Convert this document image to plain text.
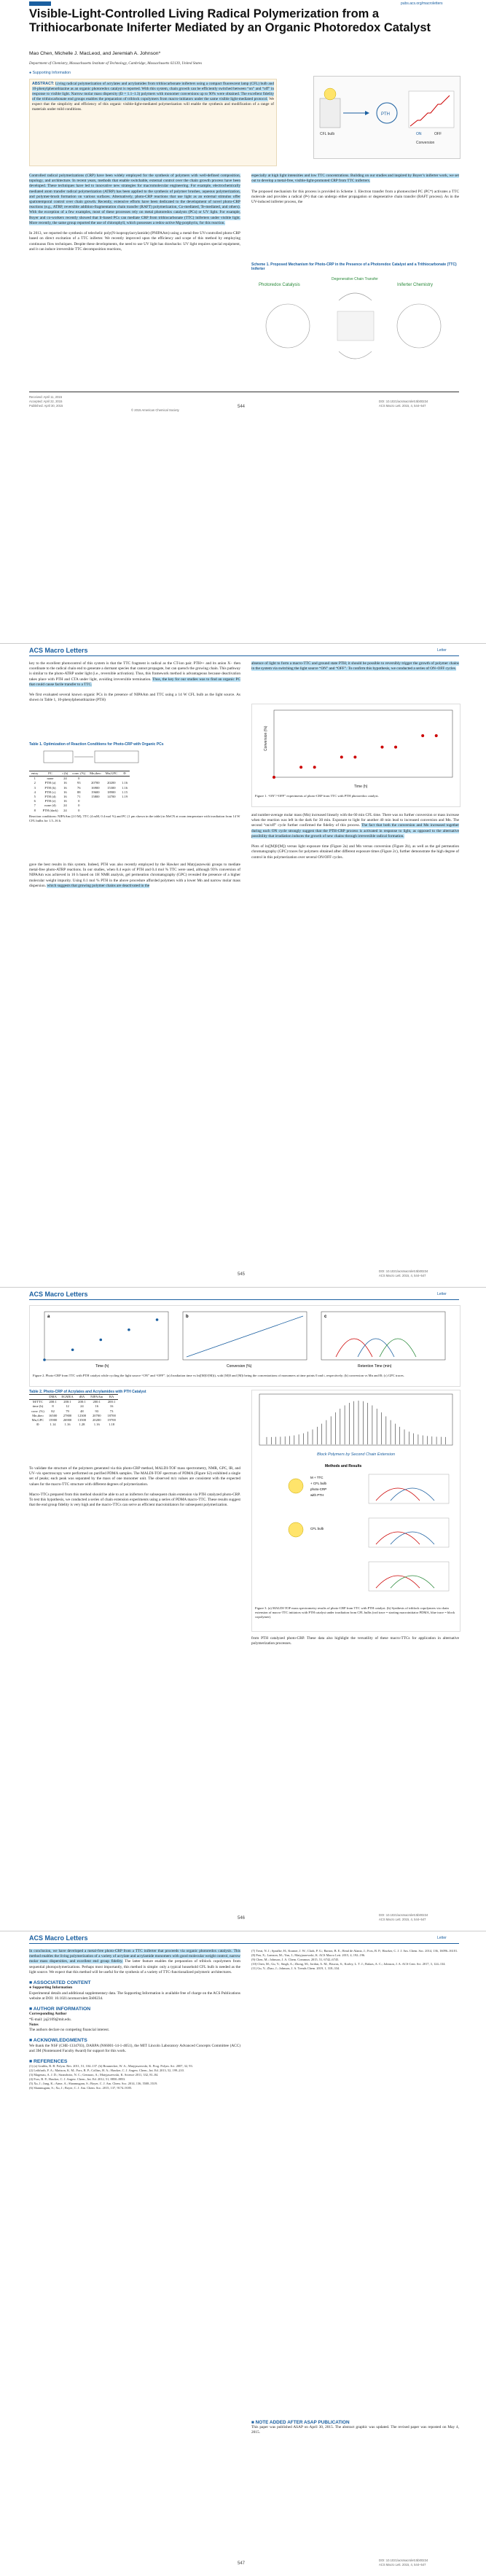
pubs.acs.org/macroletters
Visible-Light-Controlled Living Radical Polymerization from a Trithiocarbonate Iniferter Mediated by an Organic Photoredox Catalyst
Mao Chen, Michelle J. MacLeod, and Jeremiah A. Johnson*
Department of Chemistry, Massachusetts Institute of Technology, Cambridge, Massachusetts 02139, United States
● Supporting Information
ABSTRACT: Living radical polymerization of acrylates and acrylamides from trithiocarbonate iniferters using a compact fluorescent lamp (CFL) bulb and 10-phenylphenothiazine as an organic photoredox catalyst is reported. With this system, chain growth can be efficiently switched between “on” and “off” in response to visible light. Narrow molar mass dispersity (Đ = 1.1–1.3) polymers with monomer conversions up to 90% were obtained. The excellent fidelity of the trithiocarbonate end groups enables the preparation of triblock copolymers from macro-initiators under the same visible light-mediated protocol. We expect that the simplicity and efficiency of this organic visible-light-mediated polymerization will enable the synthesis and modification of a range of materials under mild conditions.
PTH
CFL bulb	ON	OFF
Conversion
Controlled radical polymerizations (CRP) have been widely employed for the synthesis of polymers with well-defined composition, topology, and architecture. In recent years, methods that enable switchable, external control over the chain growth process have been developed. These techniques have led to innovative new strategies for macromolecular engineering. For example, electrochemically mediated atom transfer radical polymerization (ATRP) has been applied to the synthesis of polymer brushes, aqueous polymerization, and polymer-brush formation on various surfaces. Alternatively, photo-CRP reactions that use light as an external stimulus offer spatiotemporal control over chain growth. Recently, extensive efforts have been dedicated to the development of novel photo-CRP reactions (e.g., ATRP, reversible addition-fragmentation chain transfer (RAFT) polymerization, Co-mediated, Te-mediated, and others). With the exception of a few examples, most of these processes rely on metal photoredox catalysts (PCs) or UV light. For example, Boyer and co-workers recently showed that Ir-based PCs can mediate CRP from trithiocarbonate (TTC) iniferters under visible light. More recently, the same group reported the use of chlorophyll, which possesses a redox-active Mg-porphyrin, for this reaction.

In 2013, we reported the synthesis of telechelic poly(N-isopropylacrylamide) (PNIPAAm) using a metal-free UV-controlled photo-CRP based on direct excitation of a TTC iniferter. We recently improved upon the efficiency and scope of this method by employing continuous flow techniques. Despite these developments, the need to use UV light has drawbacks: UV light requires special equipment, and it can induce irreversible TTC decomposition reactions,
especially at high light intensities and low TTC concentrations. Building on our studies and inspired by Boyer’s iniferter work, we set out to develop a metal-free, visible-light-promoted CRP from TTC iniferters.

The proposed mechanism for this process is provided in Scheme 1. Electron transfer from a photoexcited PC (PC*) activates a TTC molecule and provides a radical (P•) that can undergo either propagation or degenerative chain transfer (RAFT process). As in the UV-induced iniferter process, the
Scheme 1. Proposed Mechanism for Photo-CRP in the Presence of a Photoredox Catalyst and a Trithiocarbonate (TTC) Iniferter
Photoredox Catalysis
Degenerative Chain Transfer
Iniferter Chemistry
Received: April 11, 2015
Accepted: April 22, 2015
Published: April 30, 2015
© 2015 American Chemical Society
544
DOI: 10.1021/acsmacrolett.5b00234
ACS Macro Lett. 2015, 4, 544–547
ACS Macro Letters	Letter
key to the excellent photocontrol of this system is that the TTC fragment is radical as the CT-ion pair. PTH•+ and its anion X− then coordinate to the radical chain end to generate a dormant species that cannot propagate, but can quench the growing chain. This pathway is similar to the photo-ATRP under light (i.e., reversible activation). Thus, this framework method is advantageous because deactivation takes place with PTH and CTA under light, avoiding irreversible termination. Thus, the key for our studies was to find an organic PC that could cause facile transfer to a TTC.

We first evaluated several known organic PCs in the presence of NIPAAm and TTC using a 14 W CFL bulb as the light source. As shown in Table 1, 10-phenylphenothiazine (PTH)
Table 1. Optimization of Reaction Conditions for Photo-CRP with Organic PCs
entry	PC	t (h)	conv. (%)	Mn,theo	Mn,GPC	Đ
1	none	24	0			
2	PTH (a)	16	93	20700	20200	1.16
3	PTH (b)	16	76	16900	15300	1.16
4	PTH (c)	16	88	19600	18900	1.15
5	PTH (d)	16	71	15800	14700	1.19
6	PTH (e)	16	0			
7	none (d)	24	0			
8	PTH (dark)	24	0			
Reaction conditions: NIPAAm (2.0 M), TTC (4 mM, 0.4 mol %) and PC (1 μm shown in the table) in MeCN at room temperature with irradiation from 14 W CFL bulbs for 1.5–16 h.
gave the best results in this system. Indeed, PTH was also recently employed by the Hawker and Matyjaszewski groups to mediate metal-free photo-ATRP reactions. In our studies, when 0.4 equiv of PTH and 0.4 mol % TTC were used, although 93% conversion of NIPAAm was achieved in 16 h based on 1H NMR analysis, gel permeation chromatography (GPC) revealed the presence of a higher molecular weight impurity. Using 0.1 mol % PTH in the above procedure afforded polymers with a lower Mn and narrow molar mass dispersion. which suggests that growing polymer chains are deactivated in the
absence of light to form a macro-TTC and ground state PTH; it should be possible to reversibly trigger the growth of polymer chains in the system via switching the light source “ON” and “OFF”. To confirm this hypothesis, we conducted a series of ON–OFF cycles.
Time (h)
Conversion (%)
Figure 1. “ON”/“OFF” experiments of photo-CRP from TTC with PTH photoredox catalyst.
and number-average molar mass (Mn) increased linearly with the 60 min CFL time. There was no further conversion or mass increase when the reaction was left in the dark for 30 min. Exposure to light for another 40 min lead to increased conversion and Mn. The second “on/off” cycle further confirmed the fidelity of this process. The fact that both the conversion and Mn increased together during each ON cycle strongly suggest that the PTH-CRP process is activated in response to light, as opposed to the alternative possibility that irradiation induces the growth of new chains through irreversible radical formation.

Plots of ln([M]0/[M]) versus light exposure time (Figure 2a) and Mn versus conversion (Figure 2b), as well as the gel permeation chromatography (GPC) traces for polymers obtained after different exposure times (Figure 2c), further demonstrate the high degree of control in this polymerization over several ON/OFF cycles.
545
DOI: 10.1021/acsmacrolett.5b00234
ACS Macro Lett. 2015, 4, 544–547
ACS Macro Letters	Letter
a
Time (h)
b
Conversion (%)
c
Retention Time (min)
Figure 2. Photo-CRP from TTC with PTH catalyst while cycling the light source “ON” and “OFF”. (a) Irradiation time vs ln([M]0/[M]t), with [M]0 and [M]t being the concentrations of monomers at time points 0 and t, respectively; (b) conversion vs Mn and Đ; (c) GPC traces.
Table 2. Photo-CRP of Acrylates and Acrylamides with PTH Catalyst
	DMA	EGMEA	tBA	NIPAAm	BA
M/TTC	200:1	200:1	200:1	200:1	200:1
time (h)	8	12	24	16	16
conv. (%)	82	79	48	93	73
Mn,theo	16500	27800	12300	20700	18700
Mn,GPC	15900	26900	13500	20200	19700
Đ	1.14	1.16	1.28	1.16	1.18
To validate the structure of the polymers generated via this photo-CRP method, MALDI-TOF mass spectrometry, NMR, GPC, IR, and UV–vis spectroscopy were performed on purified PDMA samples. The MALDI-TOF spectrum of PDMA (Figure S2) exhibited a single set of peaks; each peak was separated by the mass of one monomer unit. The observed m/z values are consistent with the expected values for the macro-TTC structure with different degrees of polymerization.

Macro-TTCs prepared from this method should be able to act as iniferters for subsequent chain extension via PTH catalyzed photo-CRP. To test this hypothesis, we conducted a series of chain extension experiments using a series of PDMA macro-TTC. These results suggest that the end group fidelity is very high and the macro-TTCs can serve as efficient macroinitiators for subsequent polymerization.
Block Polymers by Second Chain Extension
Methods and Results
M + TTC
+ CFL bulb
photo-CRP
with PTH
CFL bulb
Figure 3. (a) MALDI-TOF mass spectrometry results of photo-CRP from TTC with PTH catalyst. (b) Synthesis of triblock copolymers via chain extension of macro-TTC initiators with PTH catalyst under irradiation from CFL bulbs (rod trace = starting macroinitiator PDMA, blue trace = block copolymer).
from PTH catalyzed photo-CRP. These data also highlight the versatility of these macro-TTCs for application in alternative polymerization processes.
546
DOI: 10.1021/acsmacrolett.5b00234
ACS Macro Lett. 2015, 4, 544–547
ACS Macro Letters	Letter
In conclusion, we have developed a metal-free photo-CRP from a TTC iniferter that proceeds via organic photoredox catalysis. This method enables the living polymerization of a variety of acrylate and acrylamide monomers with good molecular weight control, narrow molar mass dispersities, and excellent end group fidelity. The latter feature enables the preparation of triblock copolymers from sequential photopolymerizations. Perhaps most importantly, this method is simple: only a typical household CFL bulb is needed as the light source. We expect that this method will be useful for the synthesis of a variety of TTC-functionalized polymeric architectures.

■ ASSOCIATED CONTENT
● Supporting Information
Experimental details and additional supplementary data. The Supporting Information is available free of charge on the ACS Publications website at DOI: 10.1021/acsmacrolett.5b00234.

■ AUTHOR INFORMATION
Corresponding Author
*E-mail: jaj2109@mit.edu.
Notes
The authors declare no competing financial interest.

■ ACKNOWLEDGMENTS
We thank the NSF (CHE-1334703), DARPA (N66001-14-1-4051), the MIT Lincoln Laboratory Advanced Concepts Committee (ACC) and 3M (Nontenured Faculty Award) for support for this work.

■ REFERENCES
(1) (a) Grubbs, R. B. Polym. Rev. 2011, 51, 104–137. (b) Braunecker, W. A.; Matyjaszewski, K. Prog. Polym. Sci. 2007, 32, 93.
(2) Leibfarth, F. A.; Mattson, K. M.; Fors, B. P.; Collins, H. A.; Hawker, C. J. Angew. Chem., Int. Ed. 2013, 52, 199–210.
(3) Magenau, A. J. D.; Strandwitz, N. C.; Gennaro, A.; Matyjaszewski, K. Science 2011, 332, 81–84.
(4) Fors, B. P.; Hawker, C. J. Angew. Chem., Int. Ed. 2012, 51, 8850–8853.
(5) Xu, J.; Jung, K.; Atme, A.; Shanmugam, S.; Boyer, C. J. Am. Chem. Soc. 2014, 136, 5508–5519.
(6) Shanmugam, S.; Xu, J.; Boyer, C. J. Am. Chem. Soc. 2015, 137, 9174–9185.
(7) Treat, N. J.; Sprafke, H.; Kramer, J. W.; Clark, P. G.; Barton, B. E.; Read de Alaniz, J.; Fors, B. P.; Hawker, C. J. J. Am. Chem. Soc. 2014, 136, 16096–16101.
(8) Pan, X.; Lamson, M.; Yan, J.; Matyjaszewski, K. ACS Macro Lett. 2015, 4, 192–196.
(9) Chen, M.; Johnson, J. A. Chem. Commun. 2015, 51, 6742–6745.
(10) Chen, M.; Gu, Y.; Singh, A.; Zhong, M.; Jordan, A. M.; Biswas, S.; Korley, L. T. J.; Balazs, A. C.; Johnson, J. A. ACS Cent. Sci. 2017, 3, 124–134.
(11) Gu, Y.; Zhao, J.; Johnson, J. A. Trends Chem. 2019, 1, 318–334.
■ NOTE ADDED AFTER ASAP PUBLICATION
This paper was published ASAP on April 30, 2015. The abstract graphic was updated. The revised paper was reposted on May 4, 2015.
547
DOI: 10.1021/acsmacrolett.5b00234
ACS Macro Lett. 2015, 4, 544–547
